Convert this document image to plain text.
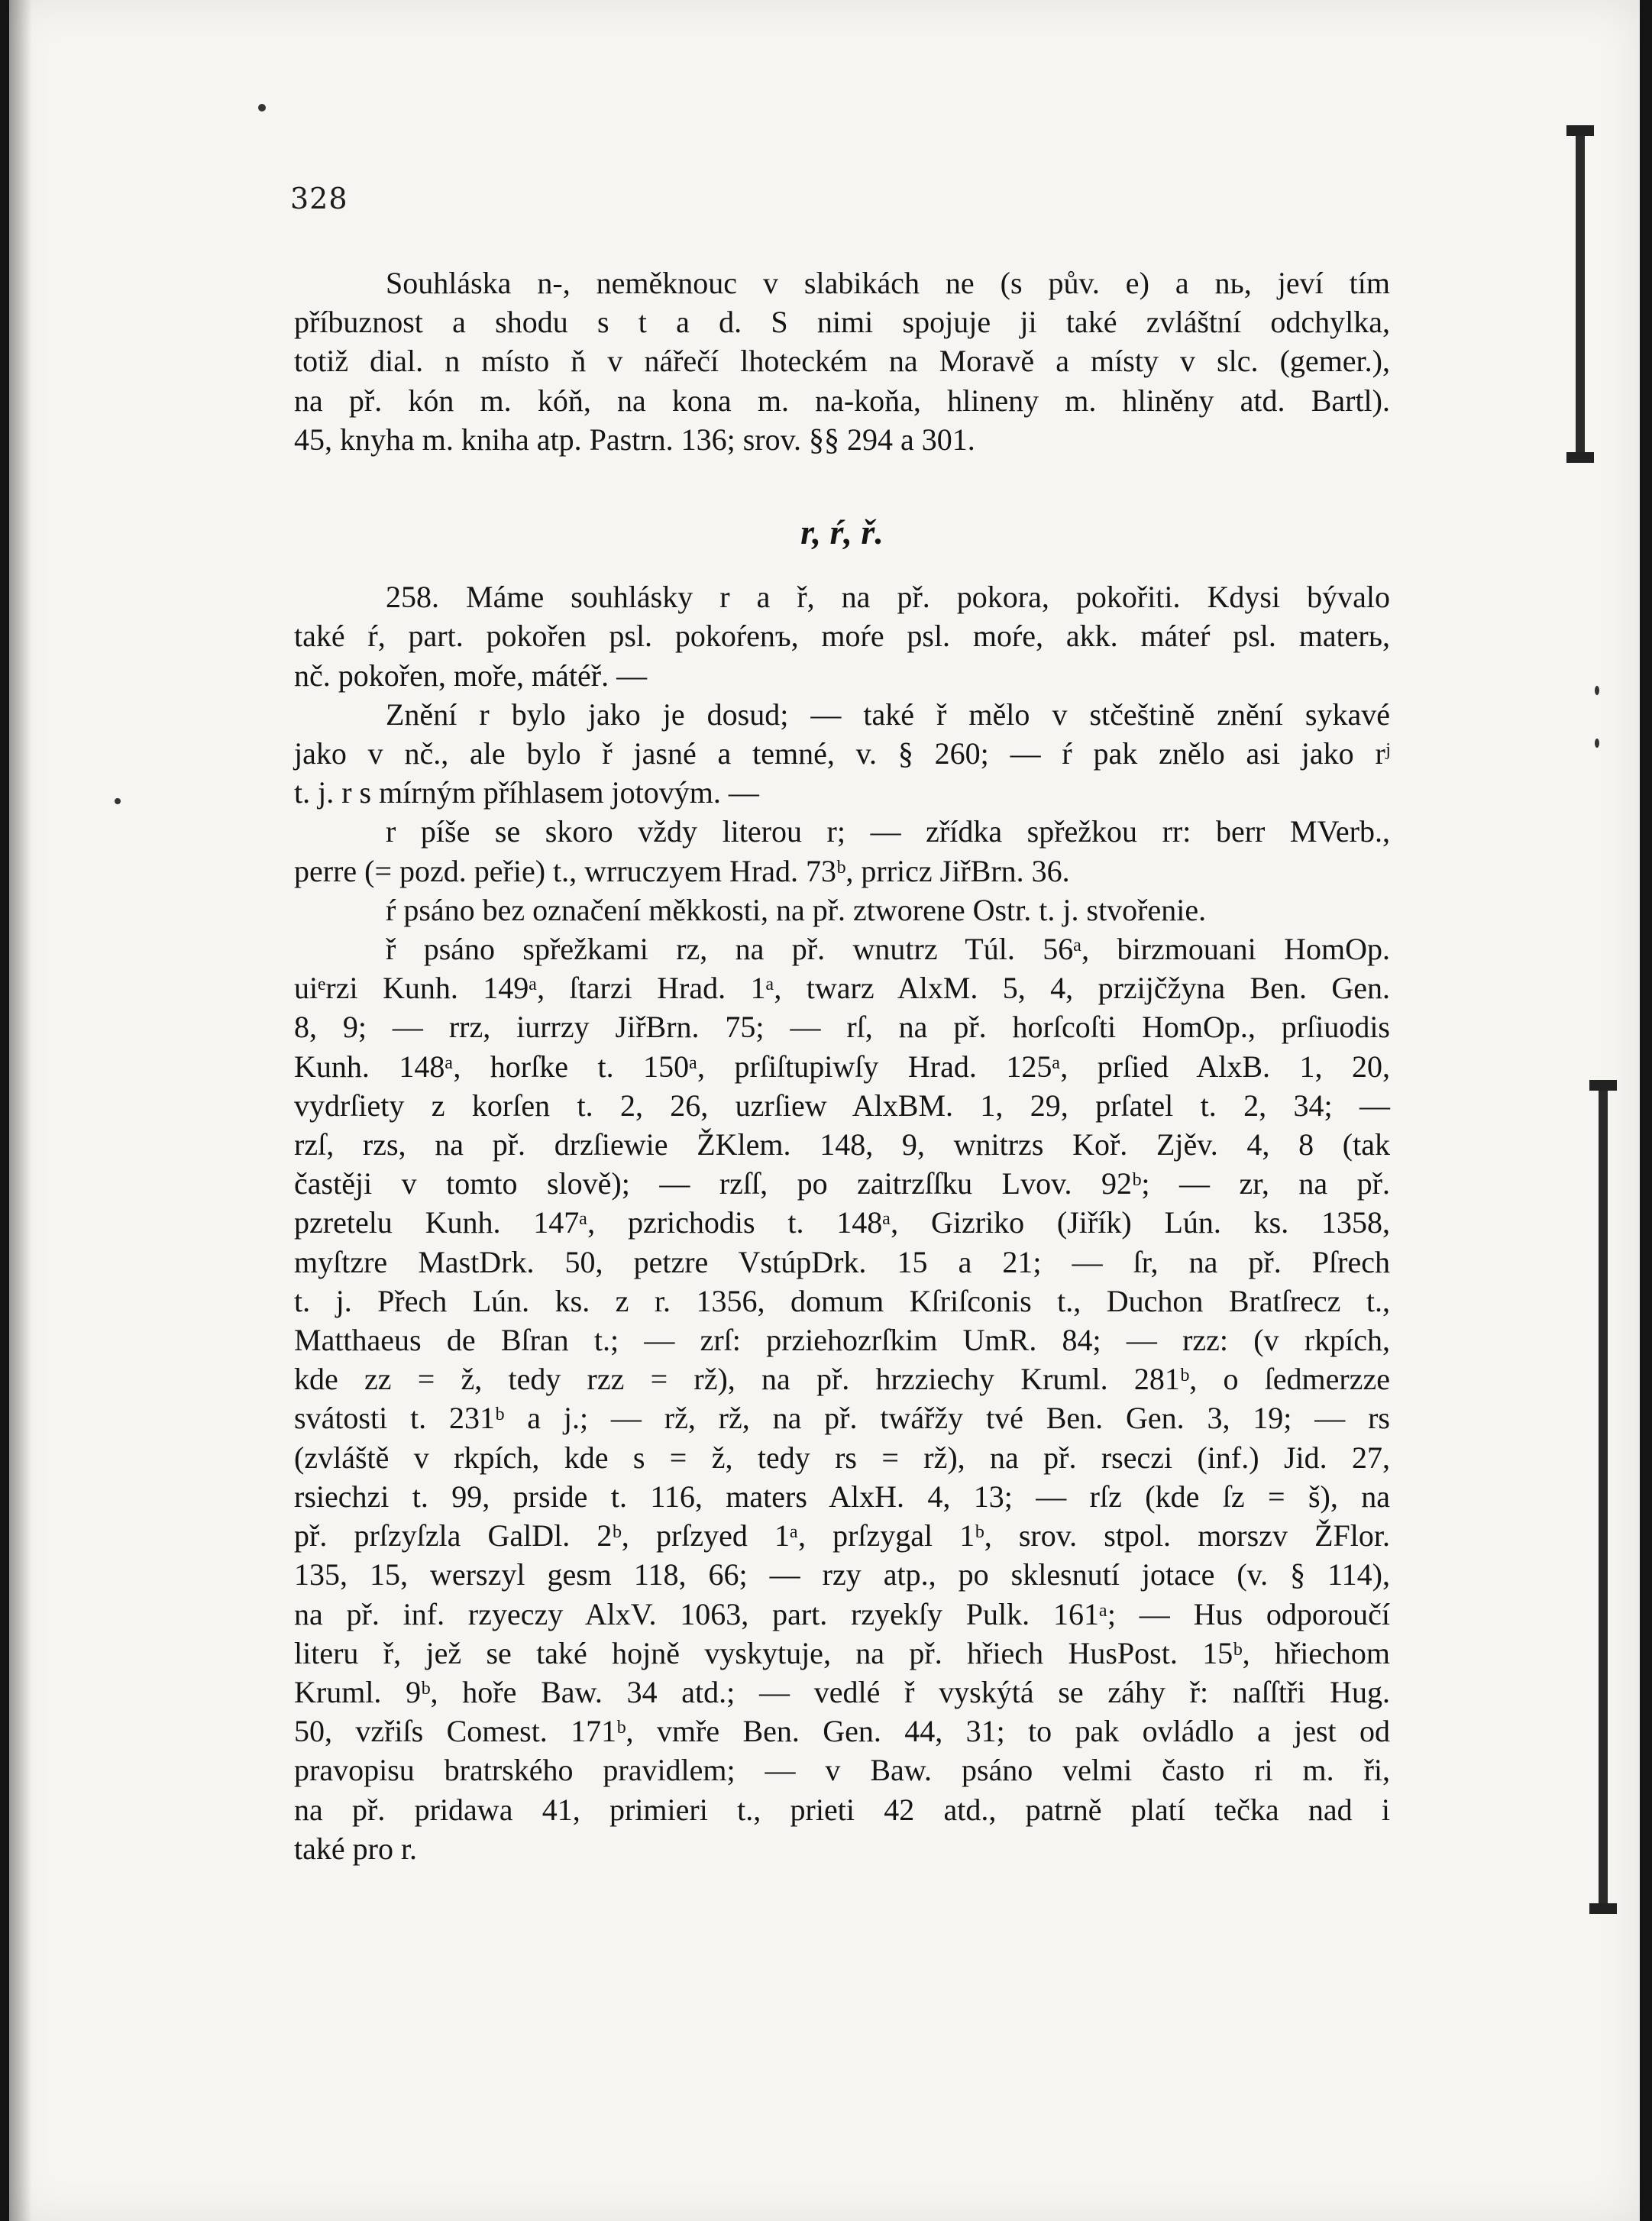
328
Souhláska n-, neměknouc v slabikách ne (s pův. e) a nь, jeví tím
příbuznost a shodu s t a d. S nimi spojuje ji také zvláštní odchylka,
totiž dial. n místo ň v nářečí lhoteckém na Moravě a místy v slc. (gemer.),
na př. kón m. kóň, na kona m. na-koňa, hlineny m. hliněny atd. Bartl).
45, knyha m. kniha atp. Pastrn. 136; srov. §§ 294 a 301.
r, ŕ, ř.
258. Máme souhlásky r a ř, na př. pokora, pokořiti. Kdysi bývalo
také ŕ, part. pokořen psl. pokoŕenъ, moŕe psl. moŕe, akk. máteŕ psl. materь,
nč. pokořen, moře, mátéř. —
Znění r bylo jako je dosud; — také ř mělo v stčeštině znění sykavé
jako v nč., ale bylo ř jasné a temné, v. § 260; — ŕ pak znělo asi jako rʲ
t. j. r s mírným příhlasem jotovým. —
r píše se skoro vždy literou r; — zřídka spřežkou rr: berr MVerb.,
perre (= pozd. peřie) t., wrruczyem Hrad. 73ᵇ, prricz JiřBrn. 36.
ŕ psáno bez označení měkkosti, na př. ztworene Ostr. t. j. stvořenie.
ř psáno spřežkami rz, na př. wnutrz Túl. 56ᵃ, birzmouani HomOp.
uiᵉrzi Kunh. 149ᵃ, ſtarzi Hrad. 1ᵃ, twarz AlxM. 5, 4, przijčžyna Ben. Gen.
8, 9; — rrz, iurrzy JiřBrn. 75; — rſ, na př. horſcoſti HomOp., prſiuodis
Kunh. 148ᵃ, horſke t. 150ᵃ, prſiſtupiwſy Hrad. 125ᵃ, prſied AlxB. 1, 20,
vydrſiety z korſen t. 2, 26, uzrſiew AlxBM. 1, 29, prſatel t. 2, 34; —
rzſ, rzs, na př. drzſiewie ŽKlem. 148, 9, wnitrzs Koř. Zjěv. 4, 8 (tak
častěji v tomto slově); — rzſſ, po zaitrzſſku Lvov. 92ᵇ; — zr, na př.
pzretelu Kunh. 147ᵃ, pzrichodis t. 148ᵃ, Gizriko (Jiřík) Lún. ks. 1358,
myſtzre MastDrk. 50, petzre VstúpDrk. 15 a 21; — ſr, na př. Pſrech
t. j. Přech Lún. ks. z r. 1356, domum Kſriſconis t., Duchon Bratſrecz t.,
Matthaeus de Bſran t.; — zrſ: przieһozrſkim UmR. 84; — rzz: (v rkpích,
kde zz = ž, tedy rzz = rž), na př. hrzziechy Kruml. 281ᵇ, o ſedmerzze
svátosti t. 231ᵇ a j.; — rž, rž, na př. twářžy tvé Ben. Gen. 3, 19; — rs
(zvláště v rkpích, kde s = ž, tedy rs = rž), na př. rseczi (inf.) Jid. 27,
rsiechzi t. 99, prside t. 116, maters AlxH. 4, 13; — rſz (kde ſz = š), na
př. prſzyſzla GalDl. 2ᵇ, prſzyed 1ᵃ, prſzygal 1ᵇ, srov. stpol. morszv ŽFlor.
135, 15, werszyl gesm 118, 66; — rzy atp., po sklesnutí jotace (v. § 114),
na př. inf. rzyeczy AlxV. 1063, part. rzyekſy Pulk. 161ᵃ; — Hus odporoučí
literu ř, jež se také hojně vyskytuje, na př. hřiech HusPost. 15ᵇ, hřiechom
Kruml. 9ᵇ, hoře Baw. 34 atd.; — vedlé ř vyskýtá se záhy ř: naſſtři Hug.
50, vzřiſs Comest. 171ᵇ, vmře Ben. Gen. 44, 31; to pak ovládlo a jest od
pravopisu bratrského pravidlem; — v Baw. psáno velmi často ri m. ři,
na př. pridawa 41, primieri t., prieti 42 atd., patrně platí tečka nad i
také pro r.
